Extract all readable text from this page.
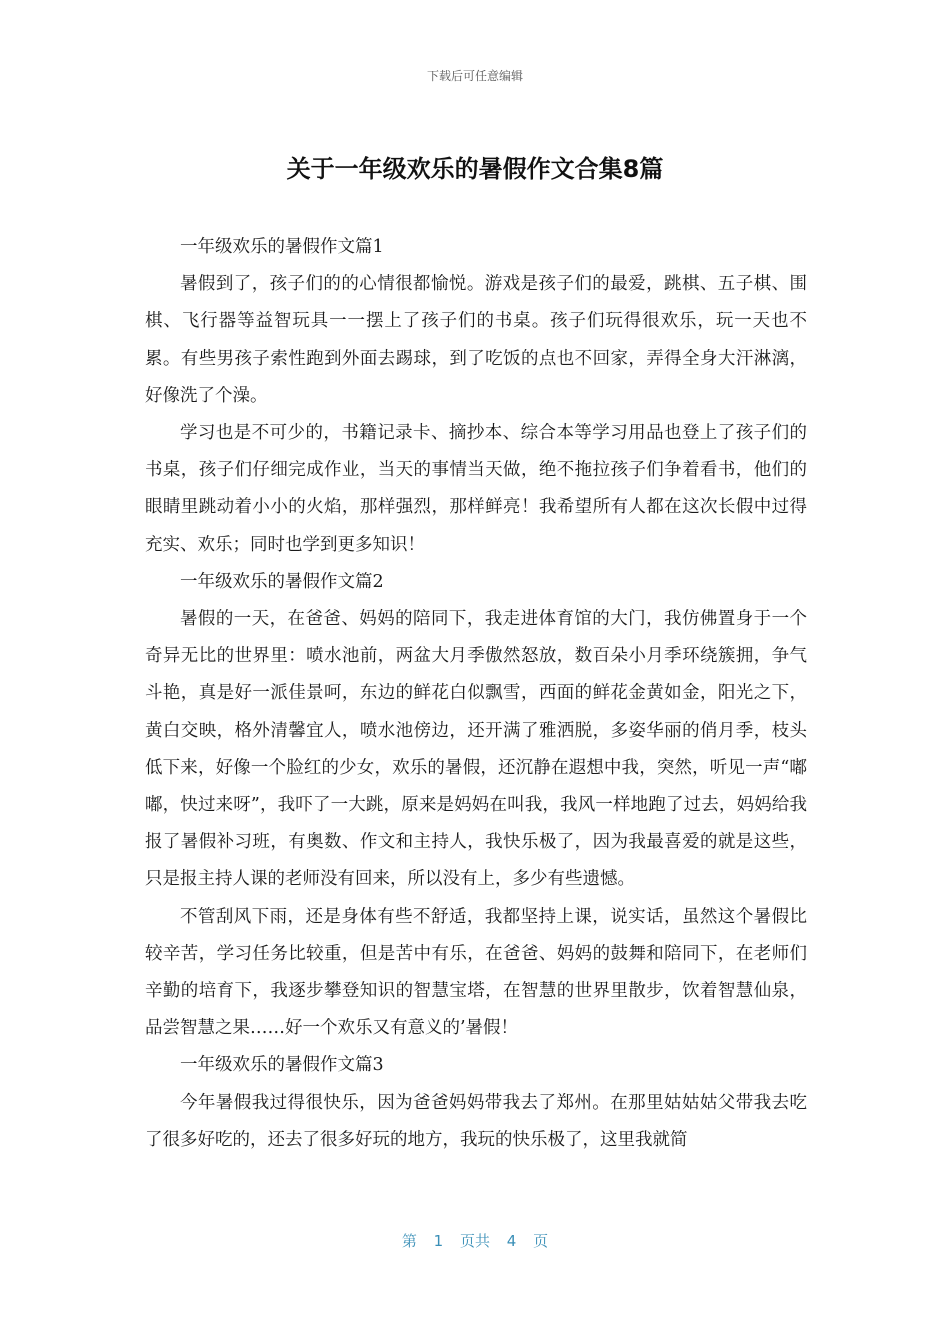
下载后可任意编辑
关于一年级欢乐的暑假作文合集8篇

一年级欢乐的暑假作文篇1

暑假到了，孩子们的的心情很都愉悦。游戏是孩子们的最爱，跳棋、五子棋、围棋、飞行器等益智玩具一一摆上了孩子们的书桌。孩子们玩得很欢乐，玩一天也不累。有些男孩子索性跑到外面去踢球，到了吃饭的点也不回家，弄得全身大汗淋漓，好像洗了个澡。

学习也是不可少的，书籍记录卡、摘抄本、综合本等学习用品也登上了孩子们的书桌，孩子们仔细完成作业，当天的事情当天做，绝不拖拉孩子们争着看书，他们的眼睛里跳动着小小的火焰，那样强烈，那样鲜亮！我希望所有人都在这次长假中过得充实、欢乐；同时也学到更多知识！

一年级欢乐的暑假作文篇2

暑假的一天，在爸爸、妈妈的陪同下，我走进体育馆的大门，我仿佛置身于一个奇异无比的世界里：喷水池前，两盆大月季傲然怒放，数百朵小月季环绕簇拥，争气斗艳，真是好一派佳景呵，东边的鲜花白似飘雪，西面的鲜花金黄如金，阳光之下，黄白交映，格外清馨宜人，喷水池傍边，还开满了雅洒脱，多姿华丽的俏月季，枝头低下来，好像一个脸红的少女，欢乐的暑假，还沉静在遐想中我，突然，听见一声“嘟嘟，快过来呀”，我吓了一大跳，原来是妈妈在叫我，我风一样地跑了过去，妈妈给我报了暑假补习班，有奥数、作文和主持人，我快乐极了，因为我最喜爱的就是这些，只是报主持人课的老师没有回来，所以没有上，多少有些遗憾。

不管刮风下雨，还是身体有些不舒适，我都坚持上课，说实话，虽然这个暑假比较辛苦，学习任务比较重，但是苦中有乐，在爸爸、妈妈的鼓舞和陪同下，在老师们辛勤的培育下，我逐步攀登知识的智慧宝塔，在智慧的世界里散步，饮着智慧仙泉，品尝智慧之果……好一个欢乐又有意义的’暑假！

一年级欢乐的暑假作文篇3

今年暑假我过得很快乐，因为爸爸妈妈带我去了郑州。在那里姑姑姑父带我去吃了很多好吃的，还去了很多好玩的地方，我玩的快乐极了，这里我就简

第 1 页共 4 页
